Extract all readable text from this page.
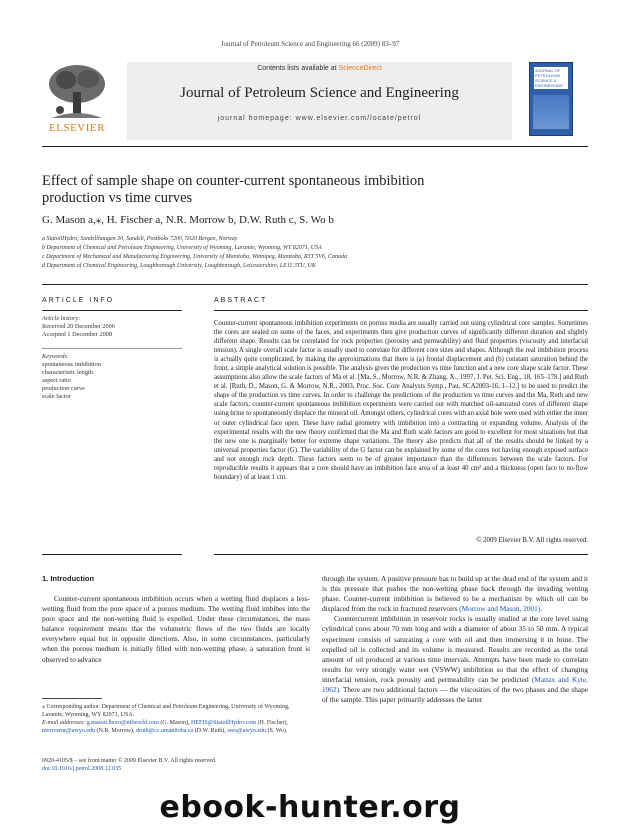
Journal of Petroleum Science and Engineering 66 (2009) 83–97
ELSEVIER
Contents lists available at ScienceDirect
Journal of Petroleum Science and Engineering
journal homepage: www.elsevier.com/locate/petrol
JOURNAL OF PETROLEUM SCIENCE & ENGINEERING
Effect of sample shape on counter-current spontaneous imbibition production vs time curves
G. Mason a,⁎, H. Fischer a, N.R. Morrow b, D.W. Ruth c, S. Wo b
a StatoilHydro, Sandslihaugen 30, Sandsli, Postboks 7200, 5020 Bergen, Norway
b Department of Chemical and Petroleum Engineering, University of Wyoming, Laramie, Wyoming, WY 82071, USA
c Department of Mechanical and Manufacturing Engineering, University of Manitoba, Winnipeg, Manitoba, R3T 5V6, Canada
d Department of Chemical Engineering, Loughborough University, Loughborough, Leicestershire, LE11 3TU, UK
ARTICLE INFO
Article history:
Received 20 December 2006
Accepted 1 December 2008
Keywords:
spontaneous imbibition
characteristic length
aspect ratio
production curve
scale factor
ABSTRACT
Counter-current spontaneous imbibition experiments on porous media are usually carried out using cylindrical core samples. Sometimes the cores are sealed on some of the faces, and experiments then give production curves of significantly different duration and slightly different shape. Results can be correlated for rock properties (porosity and permeability) and fluid properties (viscosity and interfacial tension). A single overall scale factor is usually used to correlate for different core sizes and shapes. Although the real imbibition process is actually quite complicated, by making the approximations that there is (a) frontal displacement and (b) constant saturation behind the front, a simple analytical solution is possible. The analysis gives the production vs time function and a new core shape scale factor. These assumptions also allow the scale factors of Ma et al. [Ma, S., Morrow, N.R. & Zhang, X., 1997, J. Pet. Sci. Eng., 18, 165–178.] and Ruth et al. [Ruth, D., Mason, G. & Morrow, N.R., 2003, Proc. Soc. Core Analysts Symp., Pau, SCA2003-16, 1–12.] to be used to predict the shape of the production vs time curves. In order to challenge the predictions of the production vs time curves and the Ma, Ruth and new scale factors, counter-current spontaneous imbibition experiments were carried out with matched oil-saturated cores of different shape using brine to spontaneously displace the mineral oil. Amongst others, cylindrical cores with an axial hole were used with either the inner or outer cylindrical face open. These have radial geometry with imbibition into a contracting or expanding volume. Analysis of the experimental results with the new theory confirmed that the Ma and Ruth scale factors are good to excellent for most situations but that the new one is marginally better for extreme shape variations. The theory also predicts that all of the results should be linked by a universal properties factor (G). The variability of the G factor can be explained by some of the cores not having enough exposed surface and not enough rock depth. These factors seem to be of greater importance than the differences between the scale factors. For reproducible results it appears that a core should have an imbibition face area of at least 40 cm² and a thickness (open face to no-flow boundary) of at least 1 cm.
© 2009 Elsevier B.V. All rights reserved.
1. Introduction
Counter-current spontaneous imbibition occurs when a wetting fluid displaces a less-wetting fluid from the pore space of a porous medium. The wetting fluid imbibes into the pore space and the non-wetting fluid is expelled. Under these circumstances, the mass balance requirement means that the volumetric flows of the two fluids are locally everywhere equal but in opposite directions. Also, in some circumstances, particularly when the porous medium is initially filled with non-wetting phase, a saturation front is observed to advance
through the system. A positive pressure has to build up at the dead end of the system and it is this pressure that pushes the non-wetting phase back through the invading wetting phase. Counter-current imbibition is believed to be a mechanism by which oil can be displaced from the rock in fractured reservoirs (Morrow and Mason, 2001).
Countercurrent imbibition in reservoir rocks is usually studied at the core level using cylindrical cores about 70 mm long and with a diameter of about 35 to 50 mm. A typical experiment consists of saturating a core with oil and then immersing it in brine. The expelled oil is collected and its volume is measured. Results are recorded as the total amount of oil produced at various time intervals. Attempts have been made to correlate results for very strongly water wet (VSWW) imbibition so that the effect of changing interfacial tension, rock porosity and permeability can be predicted (Mattax and Kyte, 1962). There are two additional factors — the viscosities of the two phases and the shape of the sample. This paper primarily addresses the latter
⁎ Corresponding author. Department of Chemical and Petroleum Engineering, University of Wyoming, Laramie, Wyoming, WY 82071, USA.
E-mail addresses: g.mason.lboro@ntlworld.com (G. Mason), HEFIS@StatoilHydro.com (H. Fischer), morrownr@uwyo.edu (N.R. Morrow), druth@cc.umanitoba.ca (D.W. Ruth), swo@uwyo.edu (S. Wo).
0920-4105/$ – see front matter © 2009 Elsevier B.V. All rights reserved.
doi:10.1016/j.petrol.2008.12.035
ebook-hunter.org
